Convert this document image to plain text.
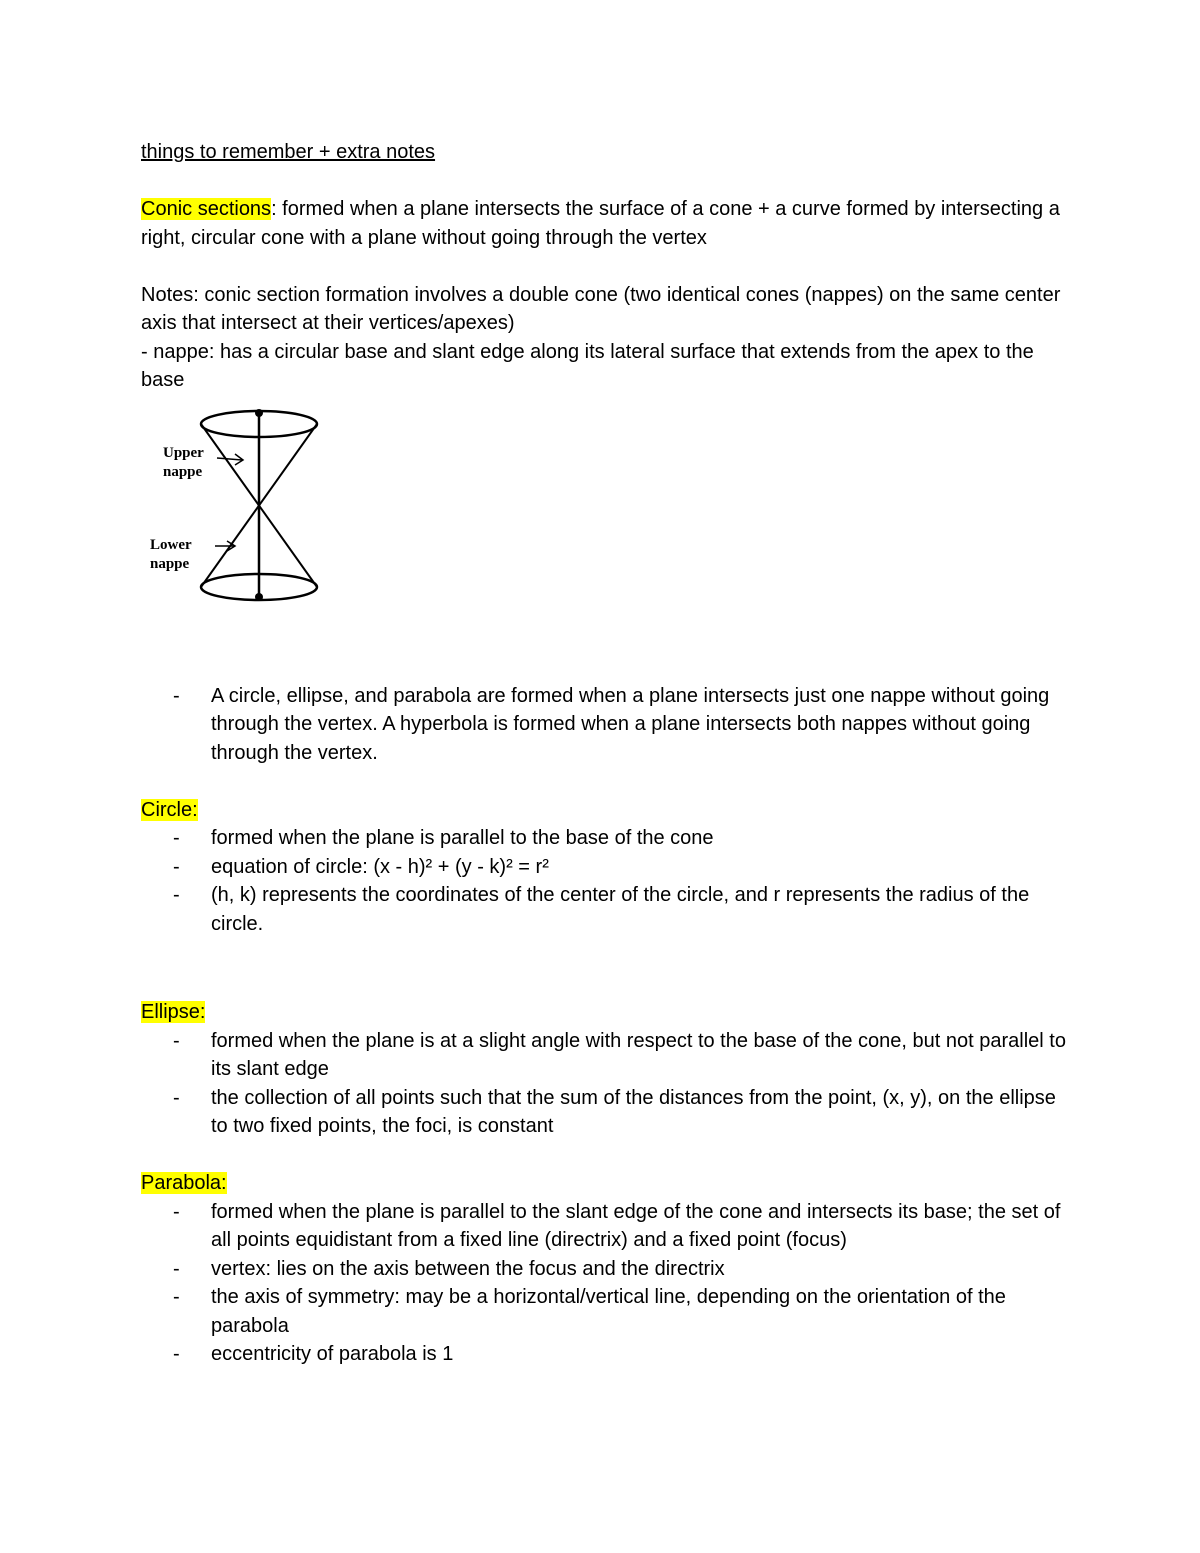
things to remember + extra notes

Conic sections: formed when a plane intersects the surface of a cone + a curve formed by intersecting a right, circular cone with a plane without going through the vertex

Notes: conic section formation involves a double cone (two identical cones (nappes) on the same center axis that intersect at their vertices/apexes)

- nappe: has a circular base and slant edge along its lateral surface that extends from the apex to the base

Upper
nappe
Lower
nappe
- A circle, ellipse, and parabola are formed when a plane intersects just one nappe without going through the vertex. A hyperbola is formed when a plane intersects both nappes without going through the vertex.

Circle:

- formed when the plane is parallel to the base of the cone
- equation of circle: (x - h)² + (y - k)² = r²
- (h, k) represents the coordinates of the center of the circle, and r represents the radius of the circle.

Ellipse:

- formed when the plane is at a slight angle with respect to the base of the cone, but not parallel to its slant edge
- the collection of all points such that the sum of the distances from the point, (x, y), on the ellipse to two fixed points, the foci, is constant

Parabola:

- formed when the plane is parallel to the slant edge of the cone and intersects its base; the set of all points equidistant from a fixed line (directrix) and a fixed point (focus)
- vertex: lies on the axis between the focus and the directrix
- the axis of symmetry: may be a horizontal/vertical line, depending on the orientation of the parabola
- eccentricity of parabola is 1
